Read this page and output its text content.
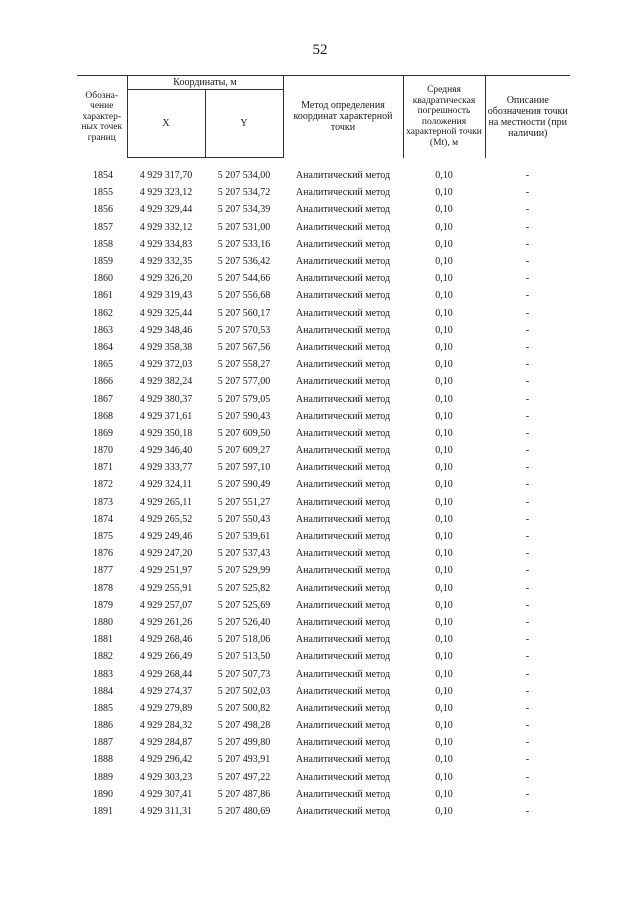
52
Обозна-
чение
характер-
ных точек
границ	Координаты, м		Метод определения координат характерной точки	Средняя квадратическая погрешность положения характерной точки (Mt), м	Описание обозначения точки на местности (при наличии)
	X	Y			

1854	4 929 317,70	5 207 534,00	Аналитический метод	0,10	-
1855	4 929 323,12	5 207 534,72	Аналитический метод	0,10	-
1856	4 929 329,44	5 207 534,39	Аналитический метод	0,10	-
1857	4 929 332,12	5 207 531,00	Аналитический метод	0,10	-
1858	4 929 334,83	5 207 533,16	Аналитический метод	0,10	-
1859	4 929 332,35	5 207 536,42	Аналитический метод	0,10	-
1860	4 929 326,20	5 207 544,66	Аналитический метод	0,10	-
1861	4 929 319,43	5 207 556,68	Аналитический метод	0,10	-
1862	4 929 325,44	5 207 560,17	Аналитический метод	0,10	-
1863	4 929 348,46	5 207 570,53	Аналитический метод	0,10	-
1864	4 929 358,38	5 207 567,56	Аналитический метод	0,10	-
1865	4 929 372,03	5 207 558,27	Аналитический метод	0,10	-
1866	4 929 382,24	5 207 577,00	Аналитический метод	0,10	-
1867	4 929 380,37	5 207 579,05	Аналитический метод	0,10	-
1868	4 929 371,61	5 207 590,43	Аналитический метод	0,10	-
1869	4 929 350,18	5 207 609,50	Аналитический метод	0,10	-
1870	4 929 346,40	5 207 609,27	Аналитический метод	0,10	-
1871	4 929 333,77	5 207 597,10	Аналитический метод	0,10	-
1872	4 929 324,11	5 207 590,49	Аналитический метод	0,10	-
1873	4 929 265,11	5 207 551,27	Аналитический метод	0,10	-
1874	4 929 265,52	5 207 550,43	Аналитический метод	0,10	-
1875	4 929 249,46	5 207 539,61	Аналитический метод	0,10	-
1876	4 929 247,20	5 207 537,43	Аналитический метод	0,10	-
1877	4 929 251,97	5 207 529,99	Аналитический метод	0,10	-
1878	4 929 255,91	5 207 525,82	Аналитический метод	0,10	-
1879	4 929 257,07	5 207 525,69	Аналитический метод	0,10	-
1880	4 929 261,26	5 207 526,40	Аналитический метод	0,10	-
1881	4 929 268,46	5 207 518,06	Аналитический метод	0,10	-
1882	4 929 266,49	5 207 513,50	Аналитический метод	0,10	-
1883	4 929 268,44	5 207 507,73	Аналитический метод	0,10	-
1884	4 929 274,37	5 207 502,03	Аналитический метод	0,10	-
1885	4 929 279,89	5 207 500,82	Аналитический метод	0,10	-
1886	4 929 284,32	5 207 498,28	Аналитический метод	0,10	-
1887	4 929 284,87	5 207 499,80	Аналитический метод	0,10	-
1888	4 929 296,42	5 207 493,91	Аналитический метод	0,10	-
1889	4 929 303,23	5 207 497,22	Аналитический метод	0,10	-
1890	4 929 307,41	5 207 487,86	Аналитический метод	0,10	-
1891	4 929 311,31	5 207 480,69	Аналитический метод	0,10	-
